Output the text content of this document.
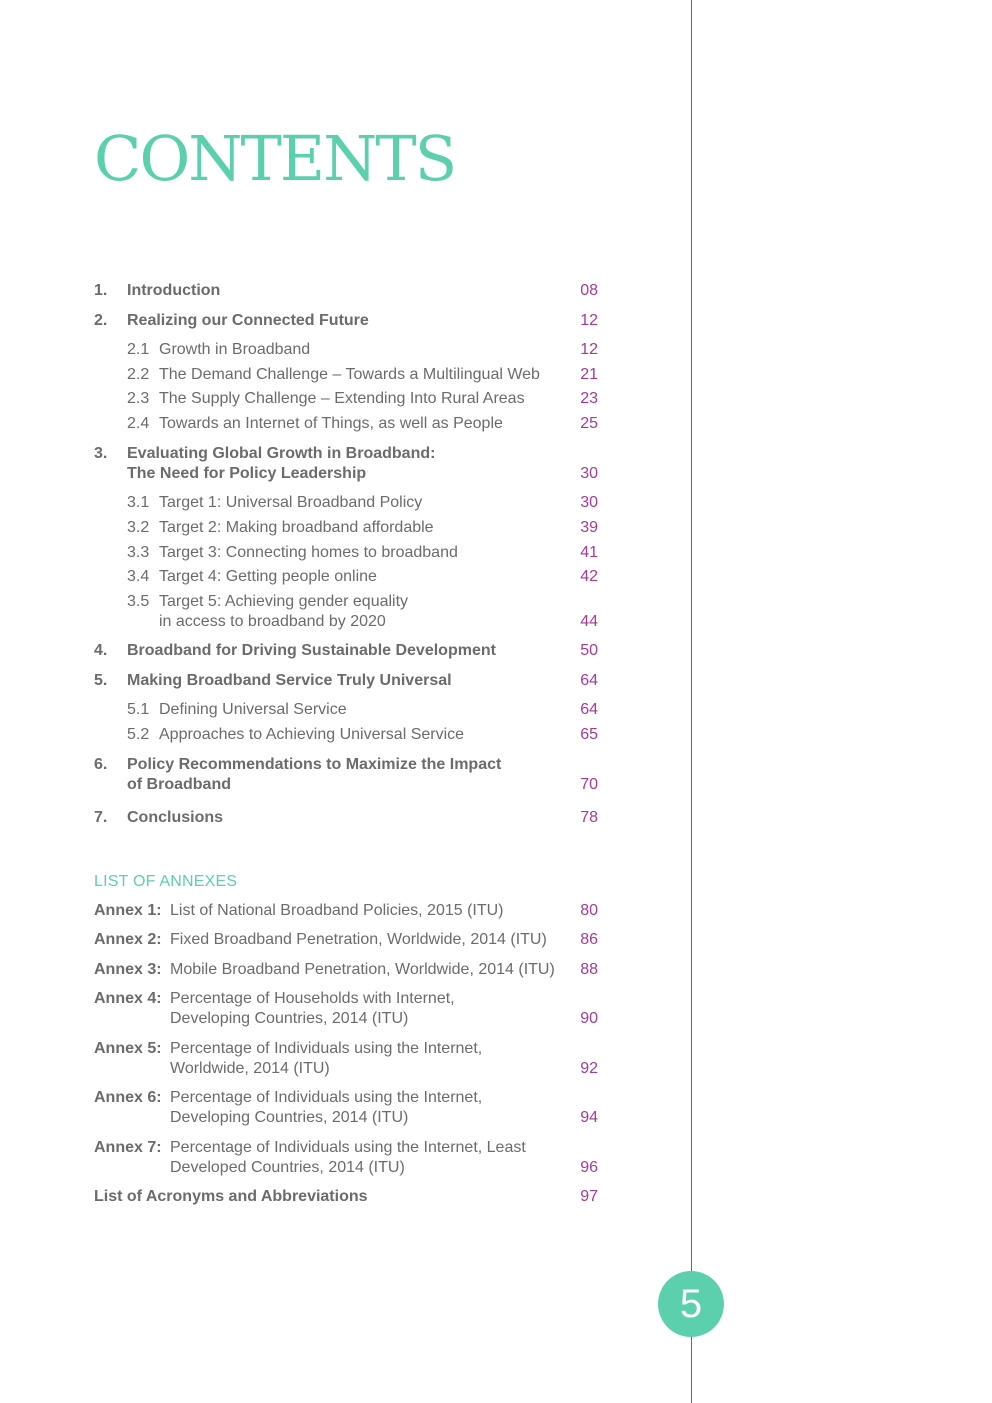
CONTENTS
1. Introduction	08
2. Realizing our Connected Future	12
2.1 Growth in Broadband	12
2.2 The Demand Challenge – Towards a Multilingual Web	21
2.3 The Supply Challenge – Extending Into Rural Areas	23
2.4 Towards an Internet of Things, as well as People	25
3. Evaluating Global Growth in Broadband:
The Need for Policy Leadership	30
3.1 Target 1: Universal Broadband Policy	30
3.2 Target 2: Making broadband affordable	39
3.3 Target 3: Connecting homes to broadband	41
3.4 Target 4: Getting people online	42
3.5 Target 5: Achieving gender equality
in access to broadband by 2020	44
4. Broadband for Driving Sustainable Development	50
5. Making Broadband Service Truly Universal	64
5.1 Defining Universal Service	64
5.2 Approaches to Achieving Universal Service	65
6. Policy Recommendations to Maximize the Impact
of Broadband	70
7. Conclusions	78
LIST OF ANNEXES
Annex 1: List of National Broadband Policies, 2015 (ITU)	80
Annex 2: Fixed Broadband Penetration, Worldwide, 2014 (ITU) 86
Annex 3: Mobile Broadband Penetration, Worldwide, 2014 (ITU) 88
Annex 4: Percentage of Households with Internet,
Developing Countries, 2014 (ITU)	90
Annex 5: Percentage of Individuals using the Internet,
Worldwide, 2014 (ITU)	92
Annex 6: Percentage of Individuals using the Internet,
Developing Countries, 2014 (ITU)	94
Annex 7: Percentage of Individuals using the Internet, Least
Developed Countries, 2014 (ITU)	96
List of Acronyms and Abbreviations	97
5
